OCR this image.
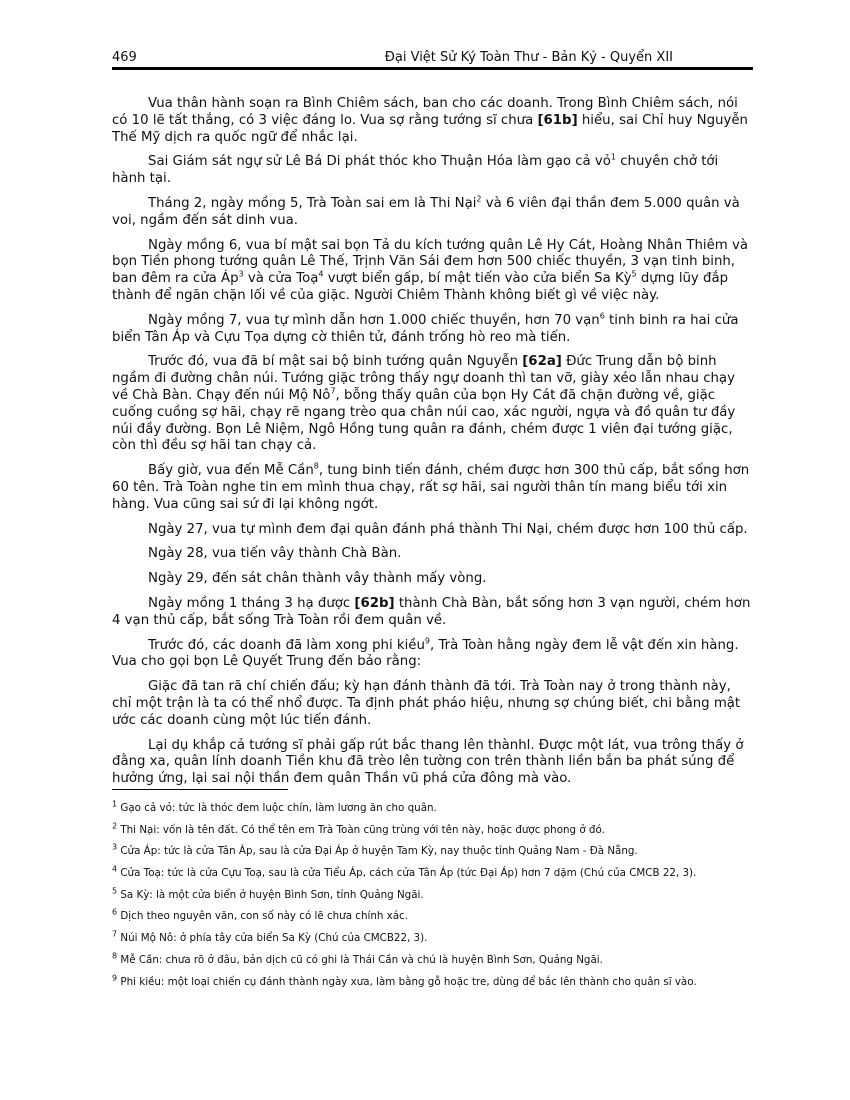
469	Đại Việt Sử Ký Toàn Thư - Bản Kỷ - Quyển XII

Vua thân hành soạn ra Bình Chiêm sách, ban cho các doanh. Trong Bình Chiêm sách, nói có 10 lẽ tất thắng, có 3 việc đáng lo. Vua sợ rằng tướng sĩ chưa [61b] hiểu, sai Chỉ huy Nguyễn Thế Mỹ dịch ra quốc ngữ để nhắc lại.

Sai Giám sát ngự sử Lê Bá Di phát thóc kho Thuận Hóa làm gạo cả vỏ$^1$ chuyên chở tới hành tại.

Tháng 2, ngày mồng 5, Trà Toàn sai em là Thi Nại$^2$ và 6 viên đại thần đem 5.000 quân và voi, ngầm đến sát dinh vua.

Ngày mồng 6, vua bí mật sai bọn Tả du kích tướng quân Lê Hy Cát, Hoàng Nhân Thiêm và bọn Tiền phong tướng quân Lê Thế, Trịnh Văn Sái đem hơn 500 chiếc thuyền, 3 vạn tinh binh, ban đêm ra cửa $Áp^3$ và cửa Toạ$^4$ vượt biển gấp, bí mật tiến vào cửa biển Sa Kỳ$^5$ dựng lũy đắp thành để ngăn chặn lối về của giặc. Người Chiêm Thành không biết gì về việc này.

Ngày mồng 7, vua tự mình dẫn hơn 1.000 chiếc thuyền, hơn 70 vạn$^6$ tinh binh ra hai cửa biển Tân Áp và Cựu Tọa dựng cờ thiên tử, đánh trống hò reo mà tiến.

Trước đó, vua đã bí mật sai bộ binh tướng quân Nguyễn [62a] Đức Trung dẫn bộ binh ngầm đi đường chân núi. Tướng giặc trông thấy ngự doanh thì tan vỡ, giày xéo lẫn nhau chạy về Chà Bàn. Chạy đến núi Mộ $Nô^7$, bỗng thấy quân của bọn Hy Cát đã chặn đường về, giặc cuống cuồng sợ hãi, chạy rẽ ngang trèo qua chân núi cao, xác người, ngựa và đồ quân tư đầy núi đầy đường. Bọn Lê Niệm, Ngô Hồng tung quân ra đánh, chém được 1 viên đại tướng giặc, còn thì đều sợ hãi tan chạy cả.

Bấy giờ, vua đến Mễ Cần$^8$, tung binh tiến đánh, chém được hơn 300 thủ cấp, bắt sống hơn 60 tên. Trà Toàn nghe tin em mình thua chạy, rất sợ hãi, sai người thân tín mang biểu tới xin hàng. Vua cũng sai sứ đi lại không ngớt.

Ngày 27, vua tự mình đem đại quân đánh phá thành Thi Nại, chém được hơn 100 thủ cấp.

Ngày 28, vua tiến vây thành Chà Bàn.

Ngày 29, đến sát chân thành vây thành mấy vòng.

Ngày mồng 1 tháng 3 hạ được [62b] thành Chà Bàn, bắt sống hơn 3 vạn người, chém hơn 4 vạn thủ cấp, bắt sống Trà Toàn rồi đem quân về.

Trước đó, các doanh đã làm xong phi kiều$^9$, Trà Toàn hằng ngày đem lễ vật đến xin hàng. Vua cho gọi bọn Lê Quyết Trung đến bảo rằng:

Giặc đã tan rã chí chiến đấu; kỳ hạn đánh thành đã tới. Trà Toàn nay ở trong thành này, chỉ một trận là ta có thể nhổ được. Ta định phát pháo hiệu, nhưng sợ chúng biết, chi bằng mật ước các doanh cùng một lúc tiến đánh.

Lại dụ khắp cả tướng sĩ phải gấp rút bắc thang lên thànhl. Được một lát, vua trông thấy ở đằng xa, quân lính doanh Tiền khu đã trèo lên tường con trên thành liền bắn ba phát súng để hưởng ứng, lại sai nội thần đem quân Thần vũ phá cửa đông mà vào.

$^1$ Gạo cả vỏ: tức là thóc đem luộc chín, làm lương ăn cho quân.
$^2$ Thi Nại: vốn là tên đất. Có thể tên em Trà Toàn cũng trùng với tên này, hoặc được phong ở đó.
$^3$ Cửa Áp: tức là cửa Tân Áp, sau là cửa Đại Áp ở huyện Tam Kỳ, nay thuộc tỉnh Quảng Nam - Đà Nẵng.
$^4$ Cửa Toạ: tức là cửa Cựu Toạ, sau là cửa Tiểu Áp, cách cửa Tân Áp (tức Đại Áp) hơn 7 dặm (Chú của CMCB 22, 3).
$^5$ Sa Kỳ: là một cửa biển ở huyện Bình Sơn, tỉnh Quảng Ngãi.
$^6$ Dịch theo nguyên văn, con số này có lẽ chưa chính xác.
$^7$ Núi Mộ Nô: ở phía tây cửa biển Sa Kỳ (Chú của CMCB22, 3).
$^8$ Mễ Cần: chưa rõ ở đâu, bản dịch cũ có ghi là Thái Cần và chú là huyện Bình Sơn, Quảng Ngãi.
$^9$ Phi kiều: một loại chiến cụ đánh thành ngày xưa, làm bằng gỗ hoặc tre, dùng để bắc lên thành cho quân sĩ vào.
